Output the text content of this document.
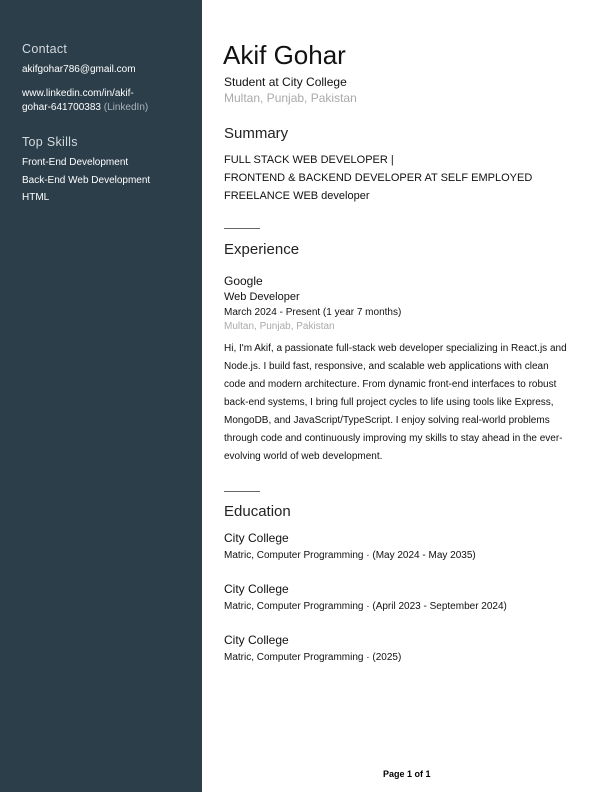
Contact
akifgohar786@gmail.com
www.linkedin.com/in/akif-
gohar-641700383 (LinkedIn)
Top Skills
Front-End Development
Back-End Web Development
HTML
Akif Gohar
Student at City College
Multan, Punjab, Pakistan
Summary
FULL STACK WEB DEVELOPER |
FRONTEND & BACKEND DEVELOPER AT SELF EMPLOYED
FREELANCE WEB developer
Experience
Google
Web Developer
March 2024 - Present (1 year 7 months)
Multan, Punjab, Pakistan
Hi, I'm Akif, a passionate full-stack web developer specializing in React.js and
Node.js. I build fast, responsive, and scalable web applications with clean
code and modern architecture. From dynamic front-end interfaces to robust
back-end systems, I bring full project cycles to life using tools like Express,
MongoDB, and JavaScript/TypeScript. I enjoy solving real-world problems
through code and continuously improving my skills to stay ahead in the ever-
evolving world of web development.
Education
City College
Matric, Computer Programming · (May 2024 - May 2035)
City College
Matric, Computer Programming · (April 2023 - September 2024)
City College
Matric, Computer Programming · (2025)
Page 1 of 1
